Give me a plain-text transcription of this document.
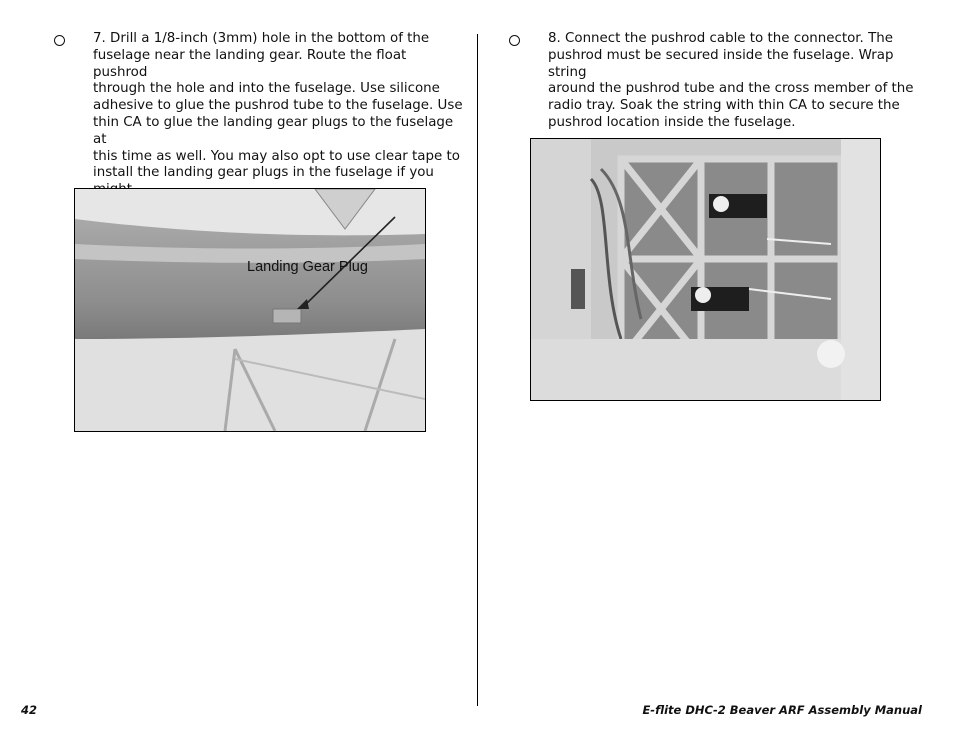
7. Drill a 1/8-inch (3mm) hole in the bottom of the
fuselage near the landing gear. Route the float pushrod
through the hole and into the fuselage. Use silicone
adhesive to glue the pushrod tube to the fuselage. Use
thin CA to glue the landing gear plugs to the fuselage at
this time as well. You may also opt to use clear tape to
install the landing gear plugs in the fuselage if you

Landing Gear Plug
8. Connect the pushrod cable to the connector. The
pushrod must be secured inside the fuselage. Wrap string
around the pushrod tube and the cross member of the
radio tray. Soak the string with thin CA to secure the
pushrod location inside the fuselage.
42	E-flite DHC-2 Beaver ARF Assembly Manual
